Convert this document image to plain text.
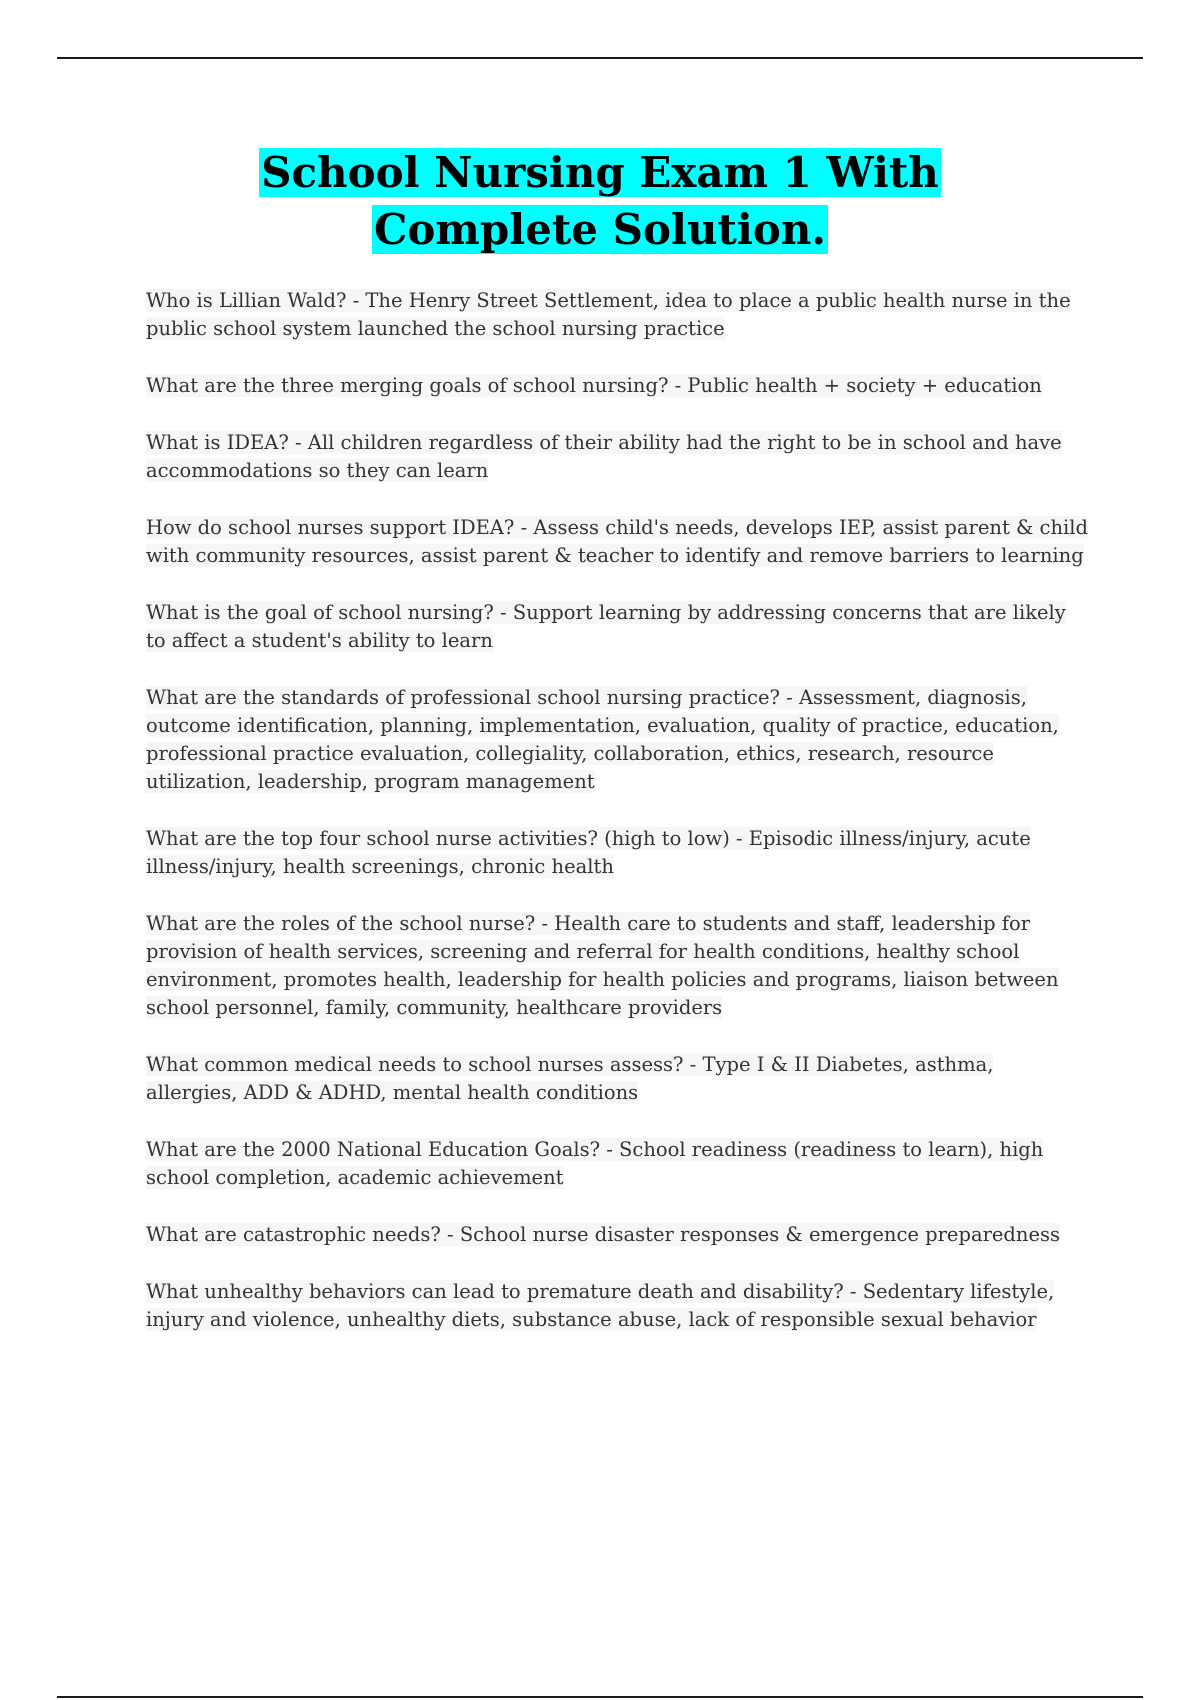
School Nursing Exam 1 With Complete Solution.

Who is Lillian Wald? - The Henry Street Settlement, idea to place a public health nurse in the public school system launched the school nursing practice

What are the three merging goals of school nursing? - Public health + society + education

What is IDEA? - All children regardless of their ability had the right to be in school and have accommodations so they can learn

How do school nurses support IDEA? - Assess child's needs, develops IEP, assist parent & child with community resources, assist parent & teacher to identify and remove barriers to learning

What is the goal of school nursing? - Support learning by addressing concerns that are likely to affect a student's ability to learn

What are the standards of professional school nursing practice? - Assessment, diagnosis, outcome identification, planning, implementation, evaluation, quality of practice, education, professional practice evaluation, collegiality, collaboration, ethics, research, resource utilization, leadership, program management

What are the top four school nurse activities? (high to low) - Episodic illness/injury, acute illness/injury, health screenings, chronic health

What are the roles of the school nurse? - Health care to students and staff, leadership for provision of health services, screening and referral for health conditions, healthy school environment, promotes health, leadership for health policies and programs, liaison between school personnel, family, community, healthcare providers

What common medical needs to school nurses assess? - Type I & II Diabetes, asthma, allergies, ADD & ADHD, mental health conditions

What are the 2000 National Education Goals? - School readiness (readiness to learn), high school completion, academic achievement

What are catastrophic needs? - School nurse disaster responses & emergence preparedness

What unhealthy behaviors can lead to premature death and disability? - Sedentary lifestyle, injury and violence, unhealthy diets, substance abuse, lack of responsible sexual behavior
